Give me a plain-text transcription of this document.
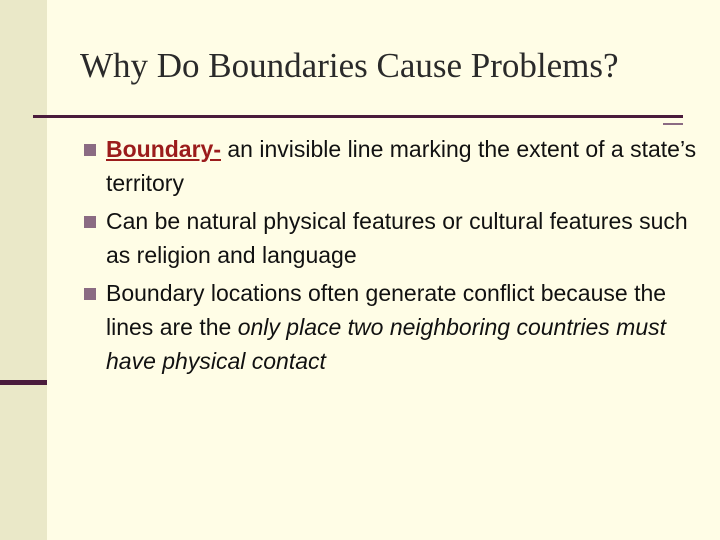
Why Do Boundaries Cause Problems?
Boundary- an invisible line marking the extent of a state’s territory
Can be natural physical features or cultural features such as religion and language
Boundary locations often generate conflict because the lines are the only place two neighboring countries must have physical contact
